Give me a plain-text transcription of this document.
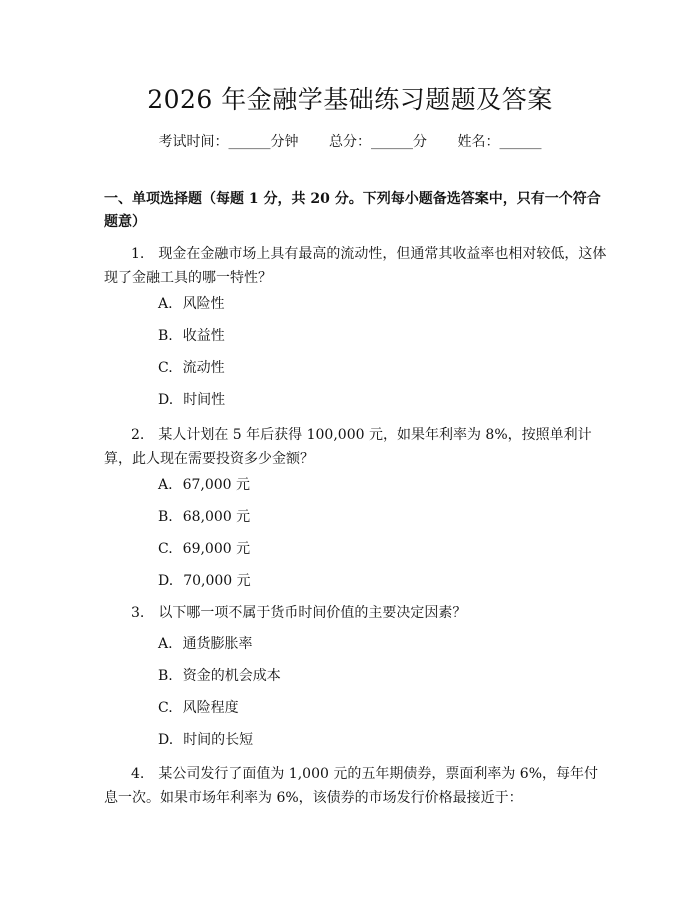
2026 年金融学基础练习题题及答案
考试时间：______分钟 总分：______分 姓名：______
一、单项选择题（每题 1 分，共 20 分。下列每小题备选答案中，只有一个符合题意）
1. 现金在金融市场上具有最高的流动性，但通常其收益率也相对较低，这体现了金融工具的哪一特性？
A. 风险性
B. 收益性
C. 流动性
D. 时间性
2. 某人计划在 5 年后获得 100,000 元，如果年利率为 8%，按照单利计算，此人现在需要投资多少金额？
A. 67,000 元
B. 68,000 元
C. 69,000 元
D. 70,000 元
3. 以下哪一项不属于货币时间价值的主要决定因素？
A. 通货膨胀率
B. 资金的机会成本
C. 风险程度
D. 时间的长短
4. 某公司发行了面值为 1,000 元的五年期债券，票面利率为 6%，每年付息一次。如果市场年利率为 6%，该债券的市场发行价格最接近于：
